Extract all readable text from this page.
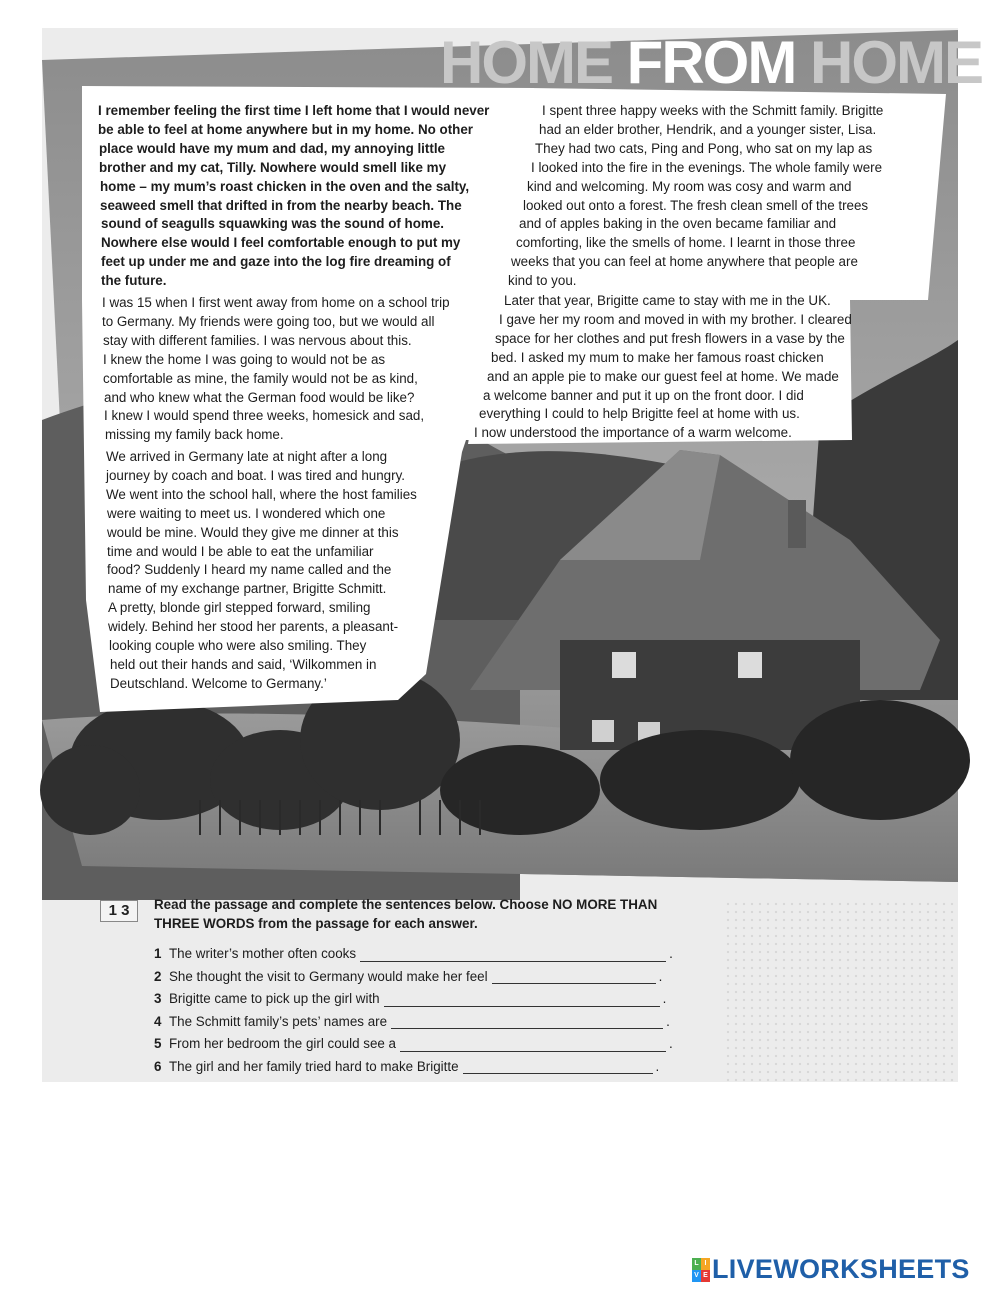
HOME FROM HOME

I remember feeling the first time I left home that I would never

be able to feel at home anywhere but in my home. No other

place would have my mum and dad, my annoying little

brother and my cat, Tilly. Nowhere would smell like my

home – my mum’s roast chicken in the oven and the salty,

seaweed smell that drifted in from the nearby beach. The

sound of seagulls squawking was the sound of home.

Nowhere else would I feel comfortable enough to put my

feet up under me and gaze into the log fire dreaming of

the future.

I was 15 when I first went away from home on a school trip

to Germany. My friends were going too, but we would all

stay with different families. I was nervous about this.

I knew the home I was going to would not be as

comfortable as mine, the family would not be as kind,

and who knew what the German food would be like?

I knew I would spend three weeks, homesick and sad,

missing my family back home.

We arrived in Germany late at night after a long

journey by coach and boat. I was tired and hungry.

We went into the school hall, where the host families

were waiting to meet us. I wondered which one

would be mine. Would they give me dinner at this

time and would I be able to eat the unfamiliar

food? Suddenly I heard my name called and the

name of my exchange partner, Brigitte Schmitt.

A pretty, blonde girl stepped forward, smiling

widely. Behind her stood her parents, a pleasant-

looking couple who were also smiling. They

held out their hands and said, ‘Wilkommen in

Deutschland. Welcome to Germany.’

I spent three happy weeks with the Schmitt family. Brigitte

had an elder brother, Hendrik, and a younger sister, Lisa.

They had two cats, Ping and Pong, who sat on my lap as

I looked into the fire in the evenings. The whole family were

kind and welcoming. My room was cosy and warm and

looked out onto a forest. The fresh clean smell of the trees

and of apples baking in the oven became familiar and

comforting, like the smells of home. I learnt in those three

weeks that you can feel at home anywhere that people are

kind to you.

Later that year, Brigitte came to stay with me in the UK.

I gave her my room and moved in with my brother. I cleared

space for her clothes and put fresh flowers in a vase by the

bed. I asked my mum to make her famous roast chicken

and an apple pie to make our guest feel at home. We made

a welcome banner and put it up on the front door. I did

everything I could to help Brigitte feel at home with us.

I now understood the importance of a warm welcome.

1 3	Read the passage and complete the sentences below. Choose NO MORE THAN

THREE WORDS from the passage for each answer.

1 The writer’s mother often cooks	.
2 She thought the visit to Germany would make her feel	.
3 Brigitte came to pick up the girl with	.
4 The Schmitt family’s pets’ names are	.
5 From her bedroom the girl could see a	.
6 The girl and her family tried hard to make Brigitte	.
L I
V E LIVEWORKSHEETS
